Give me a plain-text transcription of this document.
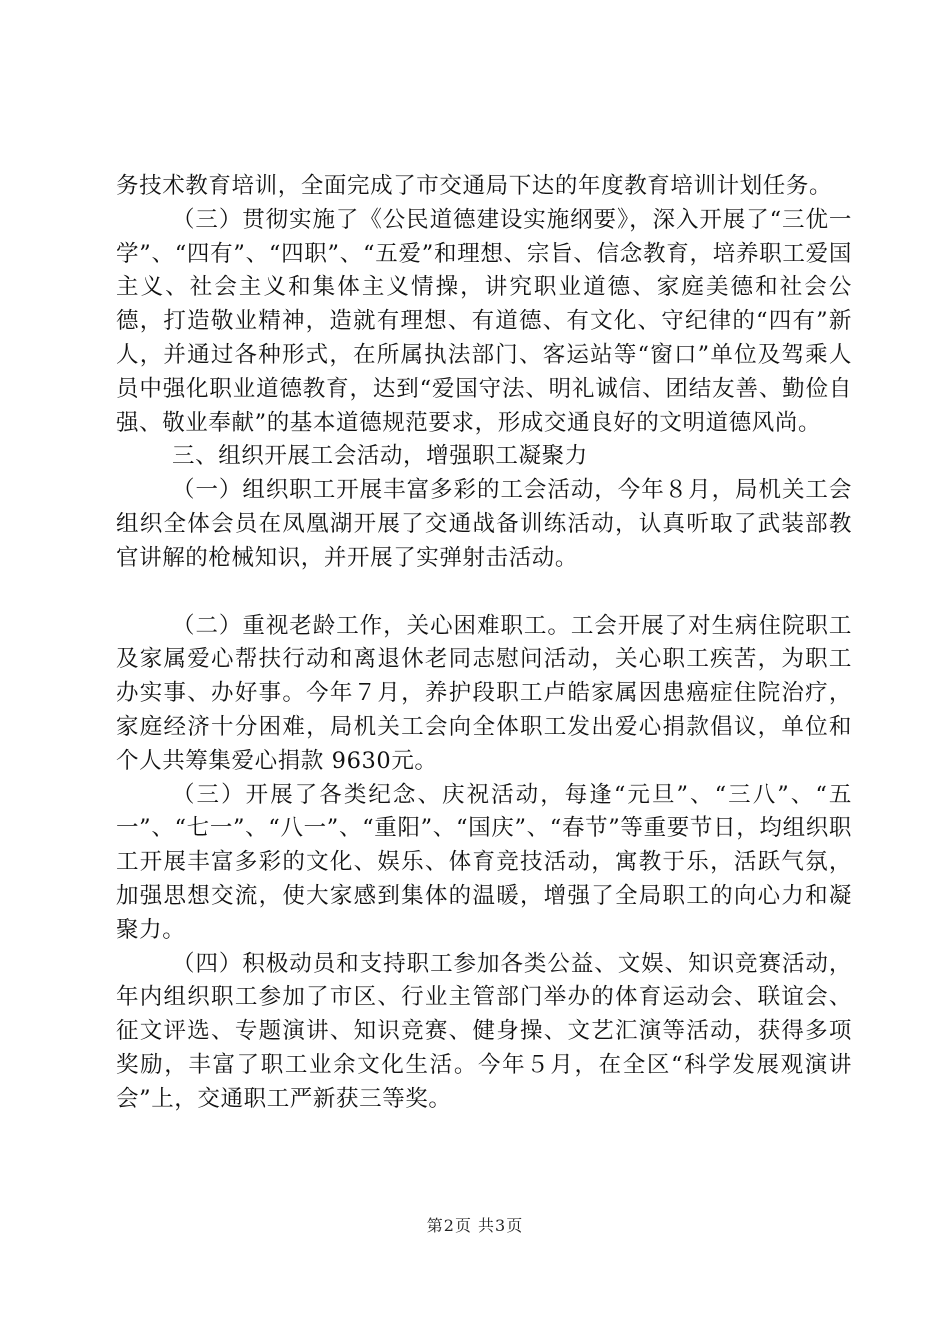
务技术教育培训，全面完成了市交通局下达的年度教育培训计划任务。

（三）贯彻实施了《公民道德建设实施纲要》，深入开展了“三优一学”、“四有”、“四职”、“五爱”和理想、宗旨、信念教育，培养职工爱国主义、社会主义和集体主义情操，讲究职业道德、家庭美德和社会公德，打造敬业精神，造就有理想、有道德、有文化、守纪律的“四有”新人，并通过各种形式，在所属执法部门、客运站等“窗口”单位及驾乘人员中强化职业道德教育，达到“爱国守法、明礼诚信、团结友善、勤俭自强、敬业奉献”的基本道德规范要求，形成交通良好的文明道德风尚。

三、组织开展工会活动，增强职工凝聚力

（一）组织职工开展丰富多彩的工会活动，今年８月，局机关工会组织全体会员在凤凰湖开展了交通战备训练活动，认真听取了武装部教官讲解的枪械知识，并开展了实弹射击活动。

（二）重视老龄工作，关心困难职工。工会开展了对生病住院职工及家属爱心帮扶行动和离退休老同志慰问活动，关心职工疾苦，为职工办实事、办好事。今年７月，养护段职工卢皓家属因患癌症住院治疗，家庭经济十分困难，局机关工会向全体职工发出爱心捐款倡议，单位和个人共筹集爱心捐款 9630元。

（三）开展了各类纪念、庆祝活动，每逢“元旦”、“三八”、“五一”、“七一”、“八一”、“重阳”、“国庆”、“春节”等重要节日，均组织职工开展丰富多彩的文化、娱乐、体育竞技活动，寓教于乐，活跃气氛，加强思想交流，使大家感到集体的温暖，增强了全局职工的向心力和凝聚力。

（四）积极动员和支持职工参加各类公益、文娱、知识竞赛活动，年内组织职工参加了市区、行业主管部门举办的体育运动会、联谊会、征文评选、专题演讲、知识竞赛、健身操、文艺汇演等活动，获得多项奖励，丰富了职工业余文化生活。今年５月，在全区“科学发展观演讲会”上，交通职工严新获三等奖。

第2页 共3页
